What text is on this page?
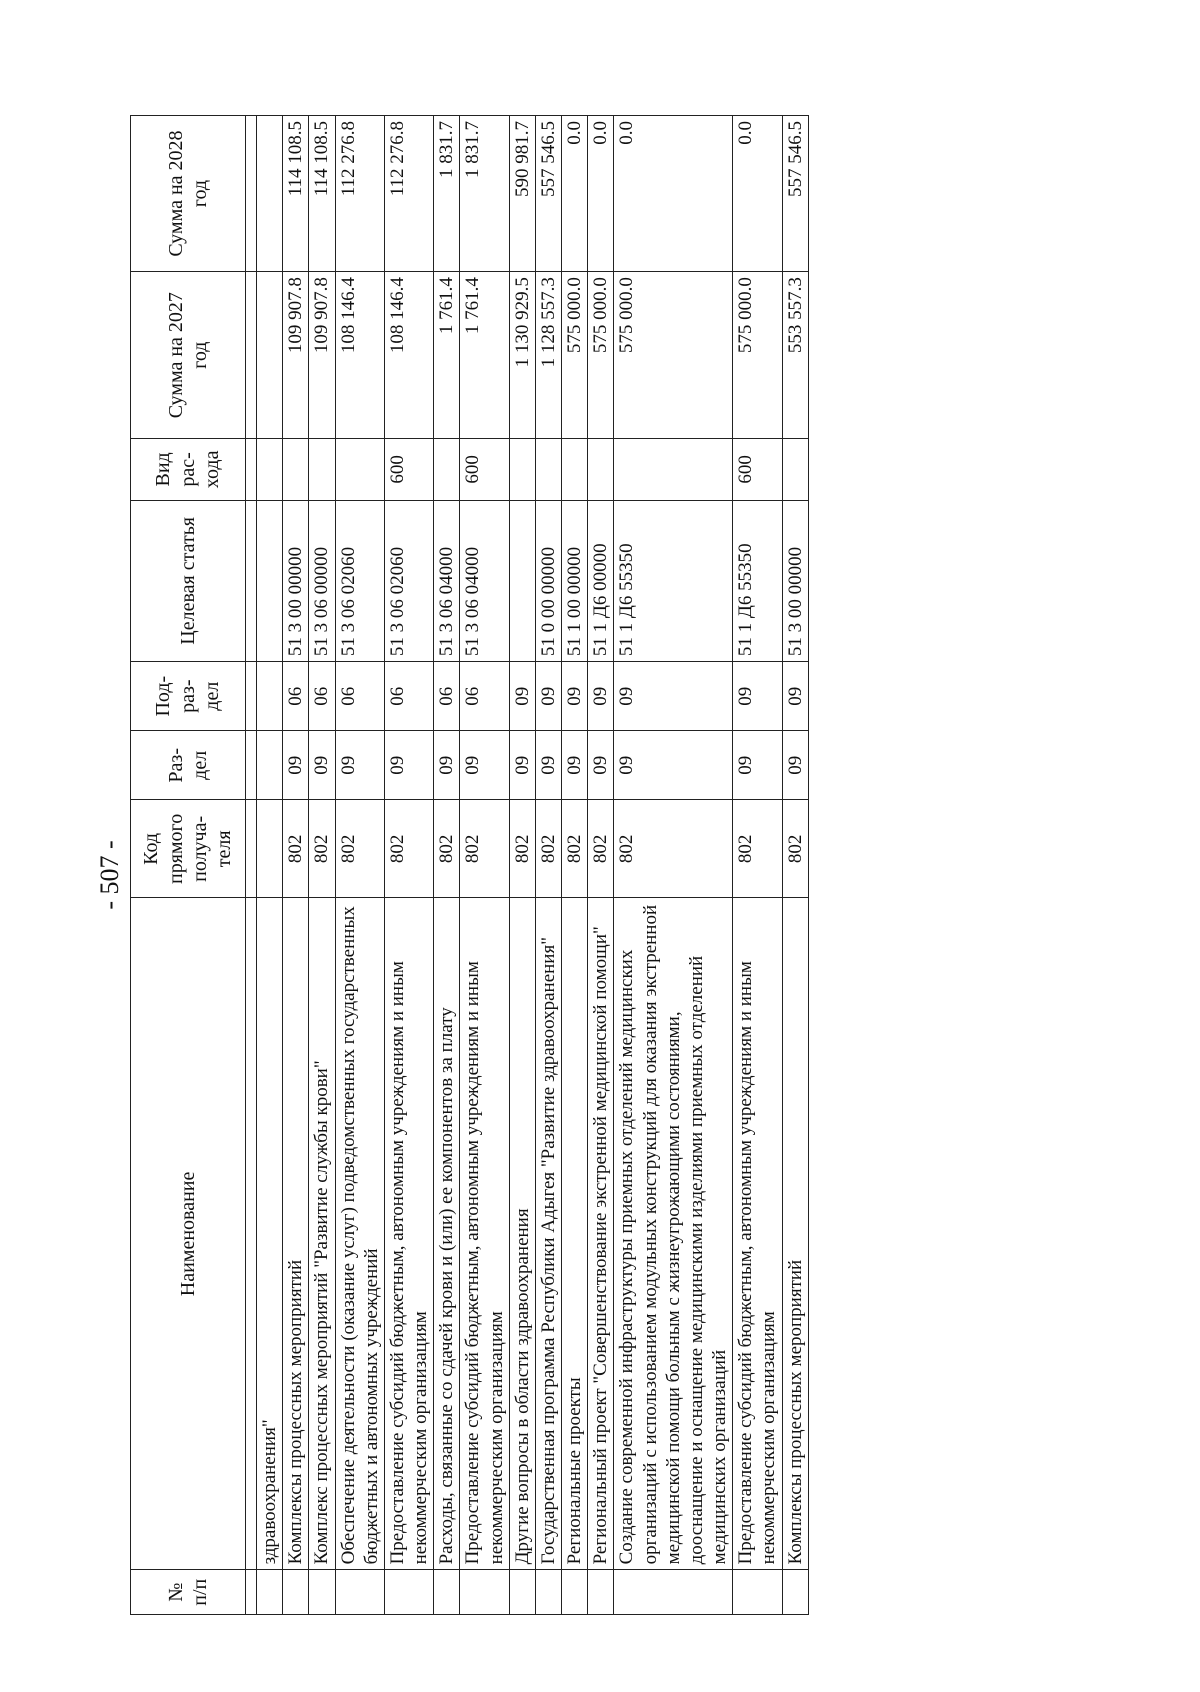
- 507 -
№ п/п	Наименование	Код прямого получа-теля	Раз-дел	Под-раз-дел	Целевая статья	Вид рас-хода	Сумма на 2027 год	Сумма на 2028 год

	здравоохранения"							
	Комплексы процессных мероприятий	802	09	06	51 3 00 00000		109 907.8	114 108.5
	Комплекс процессных мероприятий "Развитие службы крови"	802	09	06	51 3 06 00000		109 907.8	114 108.5
	Обеспечение деятельности (оказание услуг) подведомственных государственных бюджетных и автономных учреждений	802	09	06	51 3 06 02060		108 146.4	112 276.8
	Предоставление субсидий бюджетным, автономным учреждениям и иным некоммерческим организациям	802	09	06	51 3 06 02060	600	108 146.4	112 276.8
	Расходы, связанные со сдачей крови и (или) ее компонентов за плату	802	09	06	51 3 06 04000		1 761.4	1 831.7
	Предоставление субсидий бюджетным, автономным учреждениям и иным некоммерческим организациям	802	09	06	51 3 06 04000	600	1 761.4	1 831.7
	Другие вопросы в области здравоохранения	802	09	09			1 130 929.5	590 981.7
	Государственная программа Республики Адыгея "Развитие здравоохранения"	802	09	09	51 0 00 00000		1 128 557.3	557 546.5
	Региональные проекты	802	09	09	51 1 00 00000		575 000.0	0.0
	Региональный проект "Совершенствование экстренной медицинской помощи"	802	09	09	51 1 Д6 00000		575 000.0	0.0
	Создание современной инфраструктуры приемных отделений медицинских организаций с использованием модульных конструкций для оказания экстренной медицинской помощи больным с жизнеугрожающими состояниями, дооснащение и оснащение медицинскими изделиями приемных отделений медицинских организаций	802	09	09	51 1 Д6 55350		575 000.0	0.0
	Предоставление субсидий бюджетным, автономным учреждениям и иным некоммерческим организациям	802	09	09	51 1 Д6 55350	600	575 000.0	0.0
	Комплексы процессных мероприятий	802	09	09	51 3 00 00000		553 557.3	557 546.5
